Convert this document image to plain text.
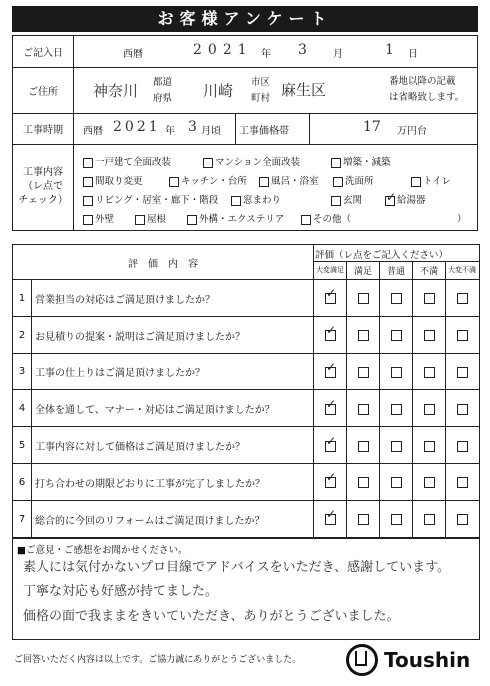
お客様アンケート
ご記入日	西暦	2021 年 3	月	1 日
ご住所	神奈川 都道
府県 川崎 市区
町村 麻生区	番地以降の記載
は省略致します。
工事時期	西暦 2021 年 3 月頃 工事価格帯	17 万円台
工事内容
（レ点で
チェック）
一戸建て全面改装	マンション全面改装	増築・減築
間取り変更	キッチン・台所	風呂・浴室	洗面所	トイレ
リビング・居室・廊下・階段	窓まわり	玄関
✓	給湯器
外壁	屋根	外構・エクステリア	その他（	）
評　価　内　容
評価（レ点をご記入ください）
大変満足	満足	普通	不満	大変不満
1 営業担当の対応はご満足頂けましたか？
✓
2 お見積りの提案・説明はご満足頂けましたか？
✓
3 工事の仕上りはご満足頂けましたか？
✓
4 全体を通して、マナー・対応はご満足頂けましたか？
✓
5 工事内容に対して価格はご満足頂けましたか？
✓
6 打ち合わせの期限どおりに工事が完了しましたか？
✓
7 総合的に今回のリフォームはご満足頂けましたか？
✓
■ご意見・ご感想をお聞かせください。
素人には気付かないプロ目線でアドバイスをいただき、感謝しています。
丁寧な対応も好感が持てました。
価格の面で我ままをきいていただき、ありがとうございました。
ご回答いただく内容は以上です。ご協力誠にありがとうございました。	Toushin
